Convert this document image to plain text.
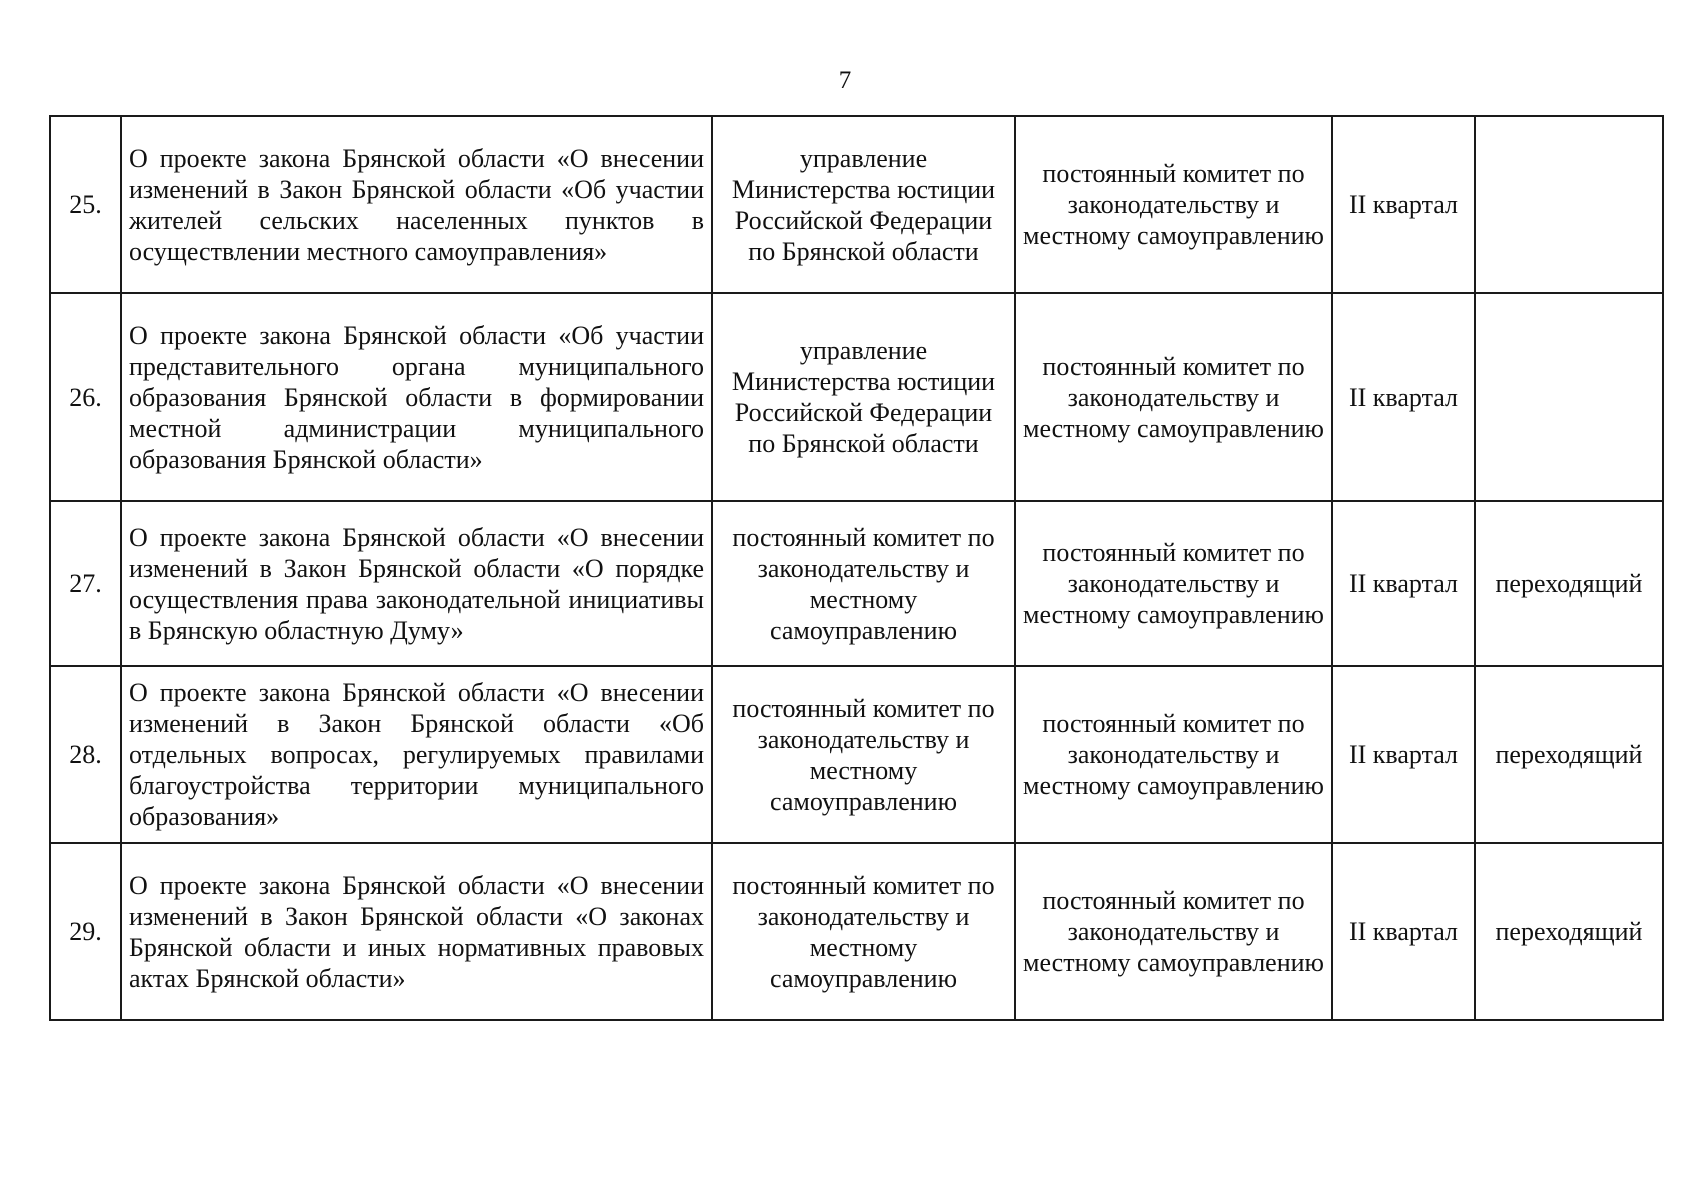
7
25.	О проекте закона Брянской области «О внесении изменений в Закон Брянской области «Об участии жителей сельских населенных пунктов в осуществлении местного самоуправления»	управление Министерства юстиции Российской Федерации по Брянской области	постоянный комитет по законодательству и местному самоуправлению	II квартал	
26.	О проекте закона Брянской области «Об участии представительного органа муниципального образования Брянской области в формировании местной администрации муниципального образования Брянской области»	управление Министерства юстиции Российской Федерации по Брянской области	постоянный комитет по законодательству и местному самоуправлению	II квартал	
27.	О проекте закона Брянской области «О внесении изменений в Закон Брянской области «О порядке осуществления права законодательной инициативы в Брянскую областную Думу»	постоянный комитет по законодательству и местному самоуправлению	постоянный комитет по законодательству и местному самоуправлению	II квартал	переходящий
28.	О проекте закона Брянской области «О внесении изменений в Закон Брянской области «Об отдельных вопросах, регулируемых правилами благоустройства территории муниципального образования»	постоянный комитет по законодательству и местному самоуправлению	постоянный комитет по законодательству и местному самоуправлению	II квартал	переходящий
29.	О проекте закона Брянской области «О внесении изменений в Закон Брянской области «О законах Брянской области и иных нормативных правовых актах Брянской области»	постоянный комитет по законодательству и местному самоуправлению	постоянный комитет по законодательству и местному самоуправлению	II квартал	переходящий
